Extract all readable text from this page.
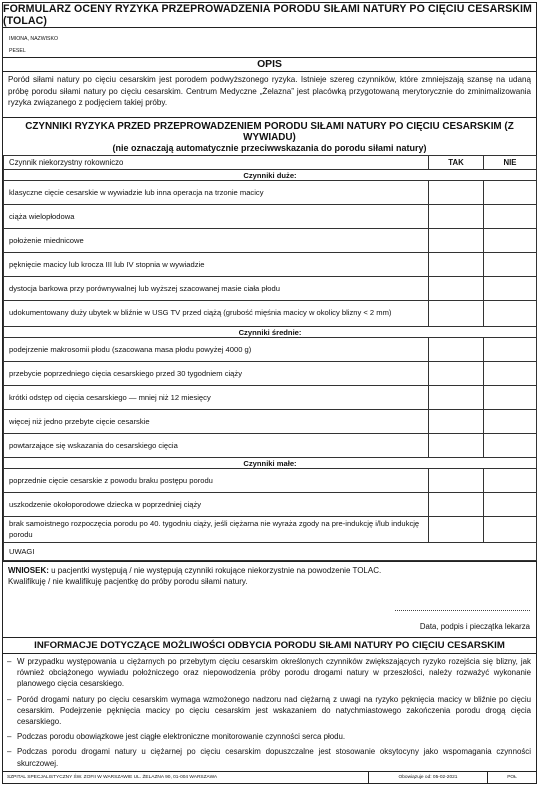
FORMULARZ OCENY RYZYKA PRZEPROWADZENIA PORODU SIŁAMI NATURY PO CIĘCIU CESARSKIM (TOLAC)
IMIONA, NAZWISKO
PESEL
OPIS
Poród siłami natury po cięciu cesarskim jest porodem podwyższonego ryzyka. Istnieje szereg czynników, które zmniejszają szansę na udaną próbę porodu siłami natury po cięciu cesarskim. Centrum Medyczne „Żelazna” jest placówką przygotowaną merytorycznie do zminimalizowania ryzyka związanego z podjęciem takiej próby.
CZYNNIKI RYZYKA PRZED PRZEPROWADZENIEM PORODU SIŁAMI NATURY PO CIĘCIU CESARSKIM (Z WYWIADU)
(nie oznaczają automatycznie przeciwwskazania do porodu siłami natury)
Czynnik niekorzystny rokowniczo	TAK	NIE
Czynniki duże:		
klasyczne cięcie cesarskie w wywiadzie lub inna operacja na trzonie macicy		
ciąża wielopłodowa		
położenie miednicowe		
pęknięcie macicy lub krocza III lub IV stopnia w wywiadzie		
dystocja barkowa przy porównywalnej lub wyższej szacowanej masie ciała płodu		
udokumentowany duży ubytek w bliźnie w USG TV przed ciążą (grubość mięśnia macicy w okolicy blizny < 2 mm)		
Czynniki średnie:		
podejrzenie makrosomii płodu (szacowana masa płodu powyżej 4000 g)		
przebycie poprzedniego cięcia cesarskiego przed 30 tygodniem ciąży		
krótki odstęp od cięcia cesarskiego — mniej niż 12 miesięcy		
więcej niż jedno przebyte cięcie cesarskie		
powtarzające się wskazania do cesarskiego cięcia		
Czynniki małe:		
poprzednie cięcie cesarskie z powodu braku postępu porodu		
uszkodzenie okołoporodowe dziecka w poprzedniej ciąży		
brak samoistnego rozpoczęcia porodu po 40. tygodniu ciąży, jeśli ciężarna nie wyraża zgody na pre-indukcję i/lub indukcję porodu		
UWAGI		
WNIOSEK: u pacjentki występują / nie występują czynniki rokujące niekorzystnie na powodzenie TOLAC.
Kwalifikuję / nie kwalifikuję pacjentkę do próby porodu siłami natury.
Data, podpis i pieczątka lekarza
INFORMACJE DOTYCZĄCE MOŻLIWOŚCI ODBYCIA PORODU SIŁAMI NATURY PO CIĘCIU CESARSKIM
– W przypadku występowania u ciężarnych po przebytym cięciu cesarskim określonych czynników zwiększających ryzyko rozejścia się blizny, jak również obciążonego wywiadu położniczego oraz niepowodzenia próby porodu drogami natury w przeszłości, należy rozważyć wykonanie planowego cięcia cesarskiego.
– Poród drogami natury po cięciu cesarskim wymaga wzmożonego nadzoru nad ciężarną z uwagi na ryzyko pęknięcia macicy w bliźnie po cięciu cesarskim. Podejrzenie pęknięcia macicy po cięciu cesarskim jest wskazaniem do natychmiastowego zakończenia porodu drogą cięcia cesarskiego.
– Podczas porodu obowiązkowe jest ciągłe elektroniczne monitorowanie czynności serca płodu.
– Podczas porodu drogami natury u ciężarnej po cięciu cesarskim dopuszczalne jest stosowanie oksytocyny jako wspomagania czynności skurczowej.
SZPITAL SPECJALISTYCZNY ŚW. ZOFII W WARSZAWIE UL. ŻELAZNA 90, 01-004 WARSZAWA	Obowiązuje od: 05-02-2021	POŁ
